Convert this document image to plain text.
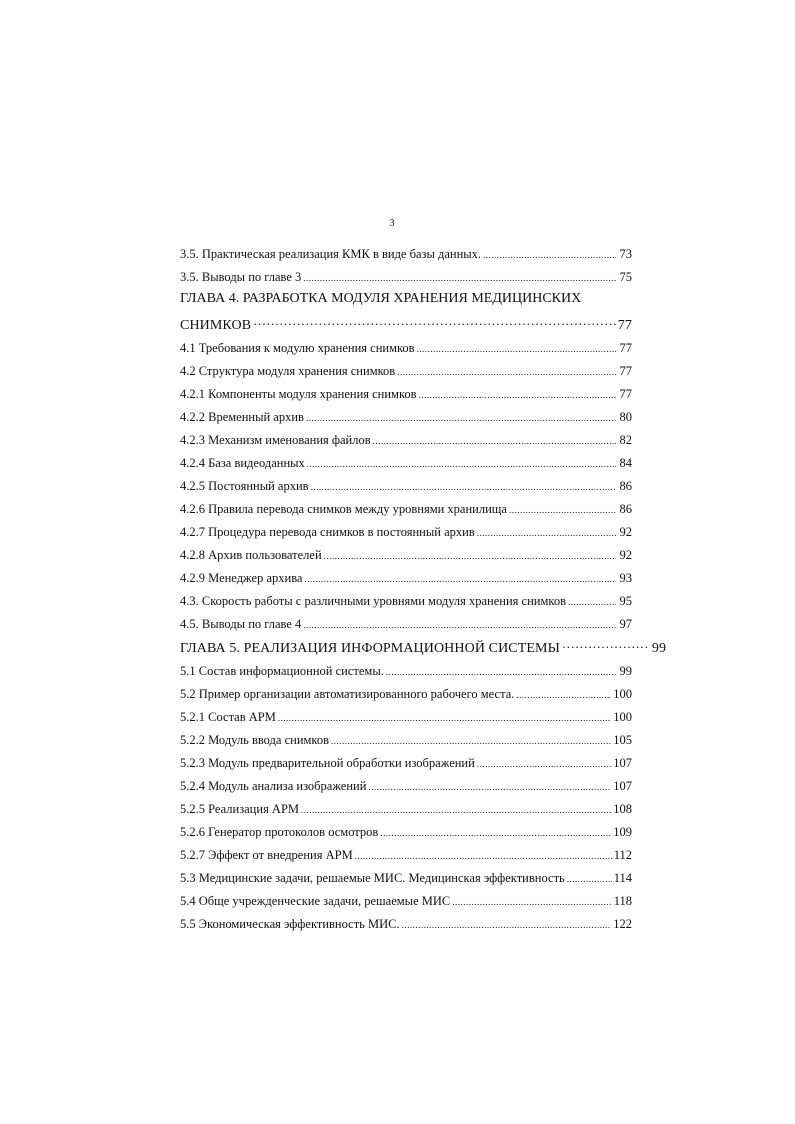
3
3.5. Практическая реализация КМК в виде базы данных. .....	73
3.5. Выводы по главе 3 .....	75
ГЛАВА 4. РАЗРАБОТКА МОДУЛЯ ХРАНЕНИЯ МЕДИЦИНСКИХ
СНИМКОВ ……………………………………………………………………………………………………………………………………………………………………	77
4.1 Требования к модулю хранения снимков .....	77
4.2 Структура модуля хранения снимков .....	77
4.2.1 Компоненты модуля хранения снимков .....	77
4.2.2 Временный архив .....	80
4.2.3 Механизм именования файлов .....	82
4.2.4 База видеоданных .....	84
4.2.5 Постоянный архив .....	86
4.2.6 Правила перевода снимков между уровнями хранилища .....	86
4.2.7 Процедура перевода снимков в постоянный архив .....	92
4.2.8 Архив пользователей .....	92
4.2.9 Менеджер архива .....	93
4.3. Скорость работы с различными уровнями модуля хранения снимков .....	95
4.5. Выводы по главе 4 .....	97
ГЛАВА 5. РЕАЛИЗАЦИЯ ИНФОРМАЦИОННОЙ СИСТЕМЫ ……………………………………………………………………………………………………………………………………………………………………	99
5.1 Состав информационной системы. .....	99
5.2 Пример организации автоматизированного рабочего места. .....	100
5.2.1 Состав АРМ .....	100
5.2.2 Модуль ввода снимков .....	105
5.2.3 Модуль предварительной обработки изображений .....	107
5.2.4 Модуль анализа изображений .....	107
5.2.5 Реализация АРМ .....	108
5.2.6 Генератор протоколов осмотров .....	109
5.2.7 Эффект от внедрения АРМ .....	112
5.3 Медицинские задачи, решаемые МИС. Медицинская эффективность .....	114
5.4 Обще учрежденческие задачи, решаемые МИС .....	118
5.5 Экономическая эффективность МИС. .....	122
